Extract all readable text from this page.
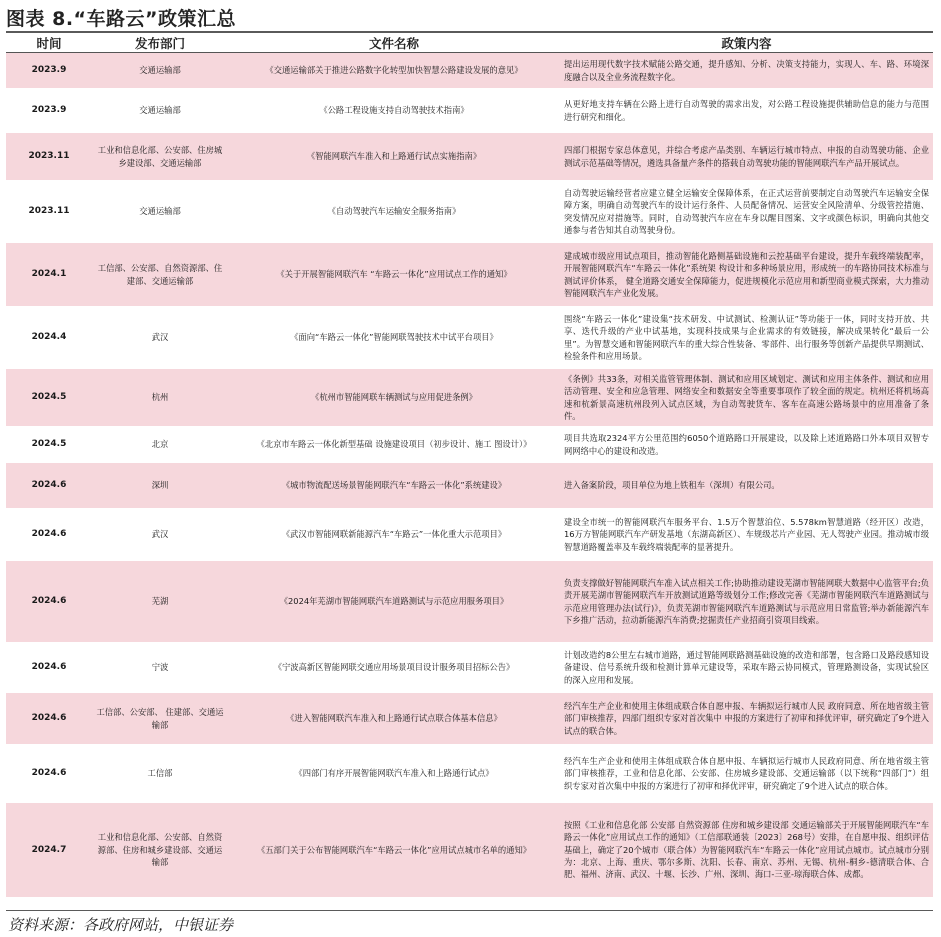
图表 8.“车路云”政策汇总
时间	发布部门	文件名称	政策内容
2023.9	交通运输部	《交通运输部关于推进公路数字化转型加快智慧公路建设发展的意见》	提出运用现代数字技术赋能公路交通，提升感知、分析、决策支持能力，实现人、车、路、环境深度融合以及全业务流程数字化。
2023.9	交通运输部	《公路工程设施支持自动驾驶技术指南》	从更好地支持车辆在公路上进行自动驾驶的需求出发，对公路工程设施提供辅助信息的能力与范围进行研究和细化。
2023.11	工业和信息化部、公安部、住房城乡建设部、交通运输部	《智能网联汽车准入和上路通行试点实施指南》	四部门根据专家总体意见，并综合考虑产品类别、车辆运行城市特点、申报的自动驾驶功能、企业测试示范基础等情况，遴选具备量产条件的搭载自动驾驶功能的智能网联汽车产品开展试点。
2023.11	交通运输部	《自动驾驶汽车运输安全服务指南》	自动驾驶运输经营者应建立健全运输安全保障体系，在正式运营前要制定自动驾驶汽车运输安全保障方案，明确自动驾驶汽车的设计运行条件、人员配备情况、运营安全风险清单、分级管控措施、突发情况应对措施等。同时，自动驾驶汽车应在车身以醒目图案、文字或颜色标识，明确向其他交通参与者告知其自动驾驶身份。
2024.1	工信部、公安部、自然资源部、住建部、交通运输部	《关于开展智能网联汽车 “车路云一体化”应用试点工作的通知》	建成城市级应用试点项目，推动智能化路侧基础设施和云控基础平台建设，提升车载终端装配率，开展智能网联汽车“车路云一体化”系统架 构设计和多种场景应用，形成统一的车路协同技术标准与测试评价体系， 健全道路交通安全保障能力，促进规模化示范应用和新型商业模式探索，大力推动智能网联汽车产业化发展。
2024.4	武汉	《面向“车路云一体化”智能网联驾驶技术中试平台项目》	围绕“车路云一体化”建设集“技术研发、中试测试、检测认证”等功能于一体，同时支持开放、共享、迭代升级的产业中试基地，实现科技成果与企业需求的有效链接，解决成果转化“最后一公里”。为智慧交通和智能网联汽车的重大综合性装备、零部件、出行服务等创新产品提供早期测试、检验条件和应用场景。
2024.5	杭州	《杭州市智能网联车辆测试与应用促进条例》	《条例》共33条，对相关监管管理体制、测试和应用区域划定、测试和应用主体条件、测试和应用活动管理、安全和应急管理、网络安全和数据安全等重要事项作了较全面的规定。杭州还将机场高速和杭新景高速杭州段列入试点区域，为自动驾驶货车、客车在高速公路场景中的应用准备了条件。
2024.5	北京	《北京市车路云一体化新型基础 设施建设项目（初步设计、施工 图设计）》	项目共选取2324平方公里范围约6050个道路路口开展建设，以及除上述道路路口外本项目双智专网网络中心的建设和改造。
2024.6	深圳	《城市物流配送场景智能网联汽车“车路云一体化”系统建设》	进入备案阶段，项目单位为地上铁租车（深圳）有限公司。
2024.6	武汉	《武汉市智能网联新能源汽车“车路云”一体化重大示范项目》	建设全市统一的智能网联汽车服务平台、1.5万个智慧泊位、5.578km智慧道路（经开区）改造，16万方智能网联汽车产研发基地（东湖高新区）、车规级芯片产业园、无人驾驶产业园。推动城市级智慧道路覆盖率及车载终端装配率的显著提升。
2024.6	芜湖	《2024年芜湖市智能网联汽车道路测试与示范应用服务项目》	负责支撑做好智能网联汽车准入试点相关工作;协助推动建设芜湖市智能网联大数据中心监管平台;负责开展芜湖市智能网联汽车开放测试道路等级划分工作;修改完善《芜湖市智能网联汽车道路测试与示范应用管理办法(试行)》，负责芜湖市智能网联汽车道路测试与示范应用日常监管;举办新能源汽车下乡推广活动，拉动新能源汽车消费;挖掘责任产业招商引资项目线索。
2024.6	宁波	《宁波高新区智能网联交通应用场景项目设计服务项目招标公告》	计划改造约8公里左右城市道路，通过智能网联路测基础设施的改造和部署，包含路口及路段感知设备建设、信号系统升级和检测计算单元建设等，采取车路云协同模式，管理路测设备，实现试验区的深入应用和发展。
2024.6	工信部、公安部、 住建部、交通运输部	《进入智能网联汽车准入和上路通行试点联合体基本信息》	经汽车生产企业和使用主体组成联合体自愿申报、车辆拟运行城市人民 政府同意、所在地省级主管部门审核推荐，四部门组织专家对首次集中 申报的方案进行了初审和择优评审，研究确定了9个进入试点的联合体。
2024.6	工信部	《四部门有序开展智能网联汽车准入和上路通行试点》	经汽车生产企业和使用主体组成联合体自愿申报、车辆拟运行城市人民政府同意、所在地省级主管部门审核推荐，工业和信息化部、公安部、住房城乡建设部、交通运输部（以下统称“四部门”）组织专家对首次集中申报的方案进行了初审和择优评审，研究确定了9个进入试点的联合体。
2024.7	工业和信息化部、公安部、自然资源部、住房和城乡建设部、交通运输部	《五部门关于公布智能网联汽车“车路云一体化”应用试点城市名单的通知》	按照《工业和信息化部 公安部 自然资源部 住房和城乡建设部 交通运输部关于开展智能网联汽车“车路云一体化”应用试点工作的通知》（工信部联通装〔2023〕268号）安排，在自愿申报、组织评估基础上，确定了20个城市（联合体）为智能网联汽车“车路云一体化”应用试点城市。试点城市分别为：北京、上海、重庆、鄂尔多斯、沈阳、长春、南京、苏州、无锡、杭州-桐乡-德清联合体、合肥、福州、济南、武汉、十堰、长沙、广州、深圳、海口-三亚-琼海联合体、成都。
资料来源：各政府网站，中银证券
